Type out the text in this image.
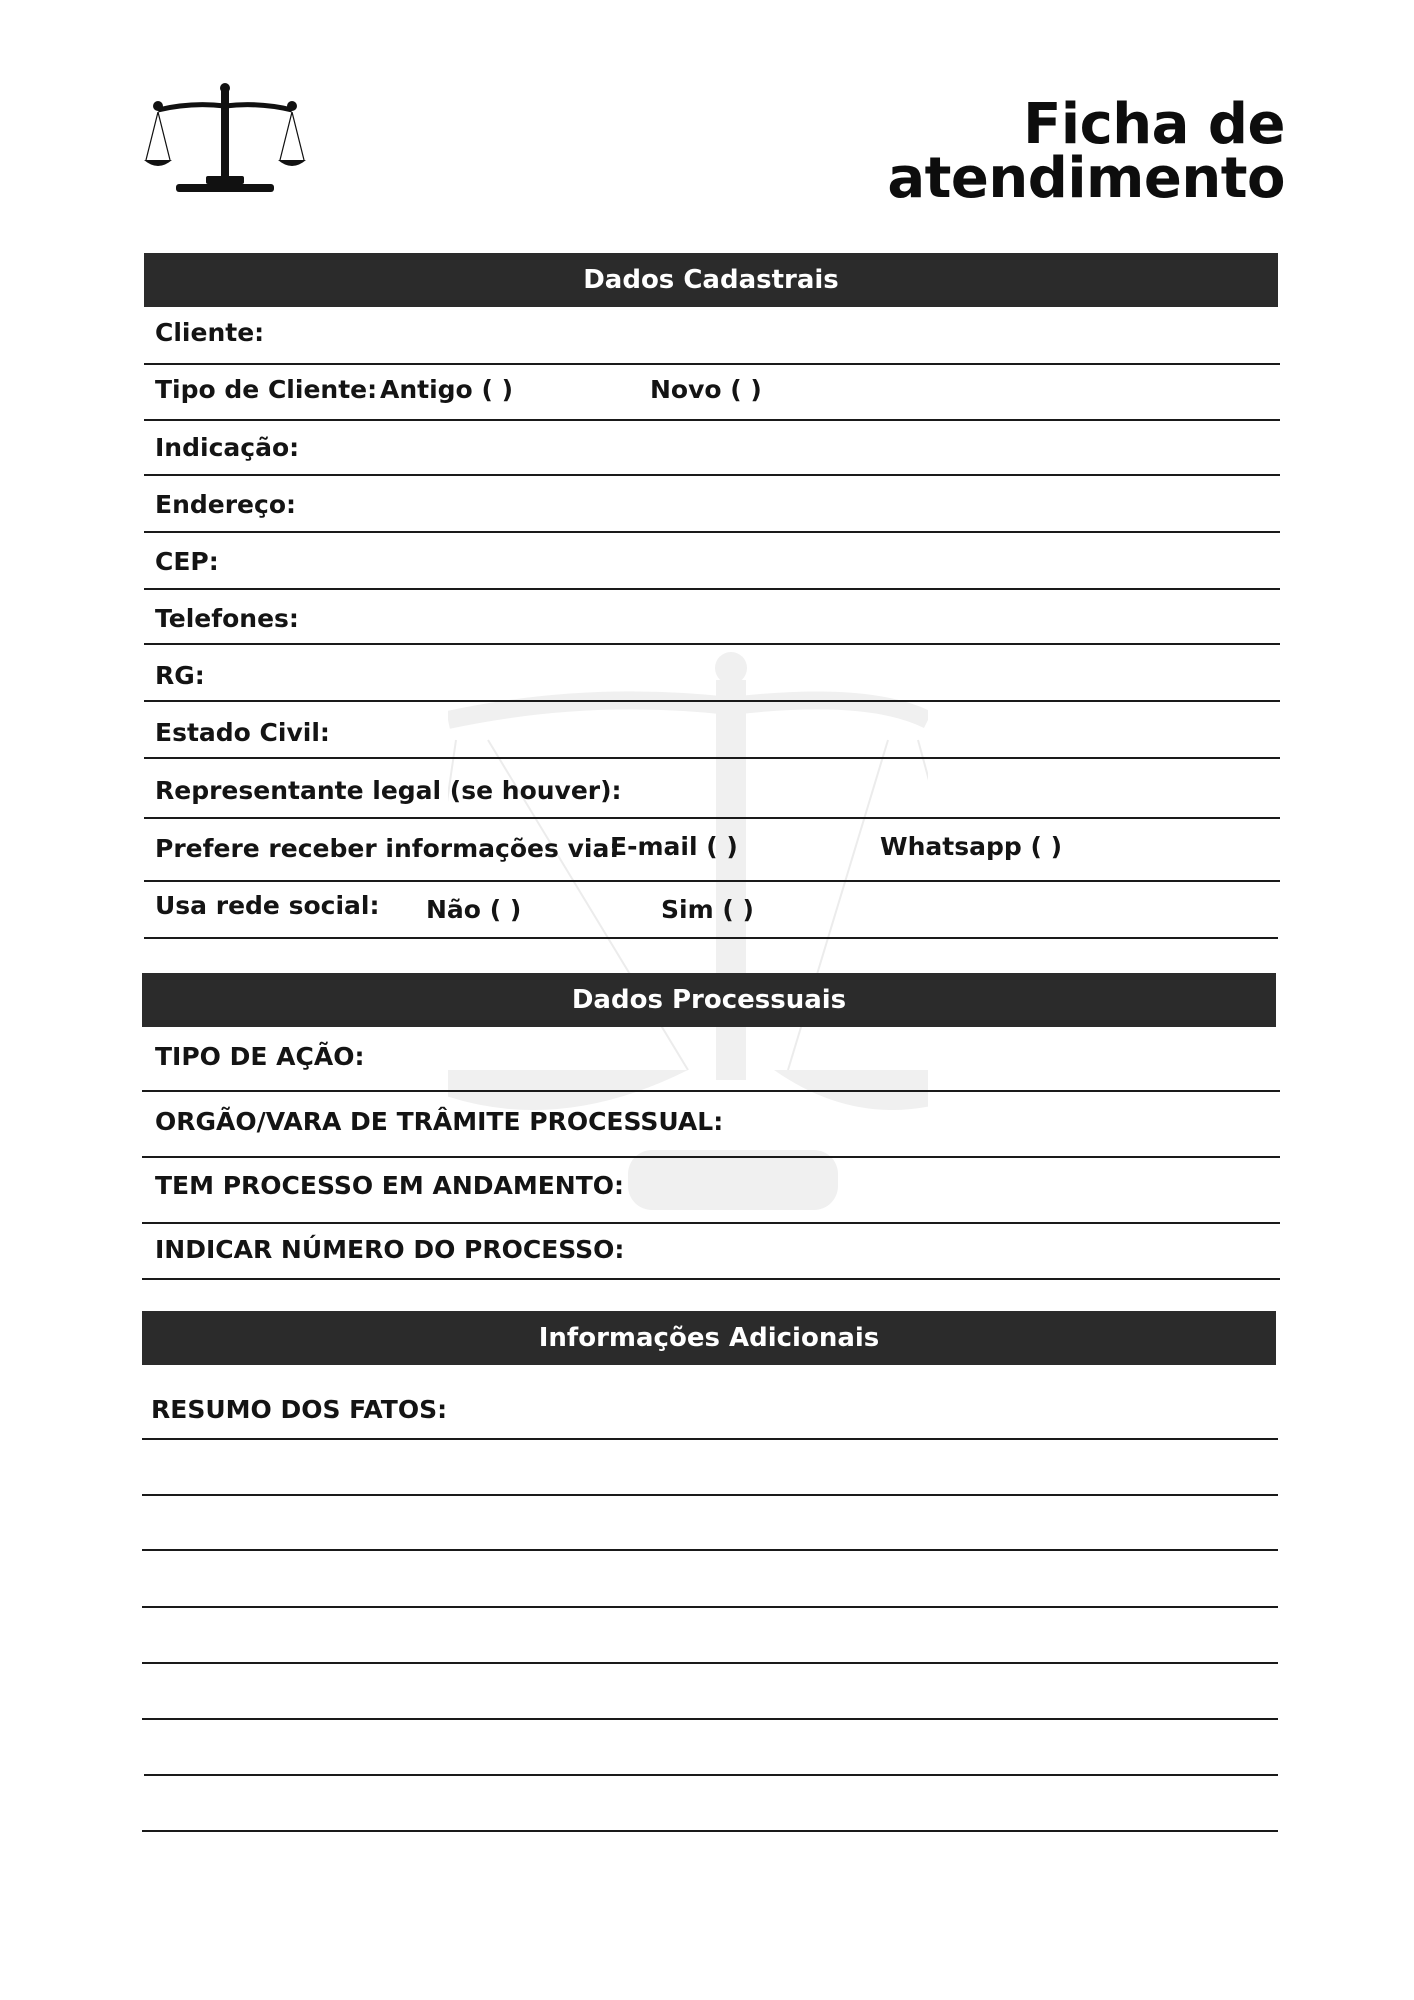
Ficha de
atendimento
Dados Cadastrais
Cliente:
Tipo de Cliente: Antigo ( )	Novo ( )
Indicação:
Endereço:
CEP:
Telefones:
RG:
Estado Civil:
Representante legal (se houver):
Prefere receber informações via:
E-mail ( )	Whatsapp ( )
Usa rede social: Não ( )	Sim ( )
Dados Processuais
TIPO DE AÇÃO:
ORGÃO/VARA DE TRÂMITE PROCESSUAL:
TEM PROCESSO EM ANDAMENTO:
INDICAR NÚMERO DO PROCESSO:
Informações Adicionais
RESUMO DOS FATOS:
